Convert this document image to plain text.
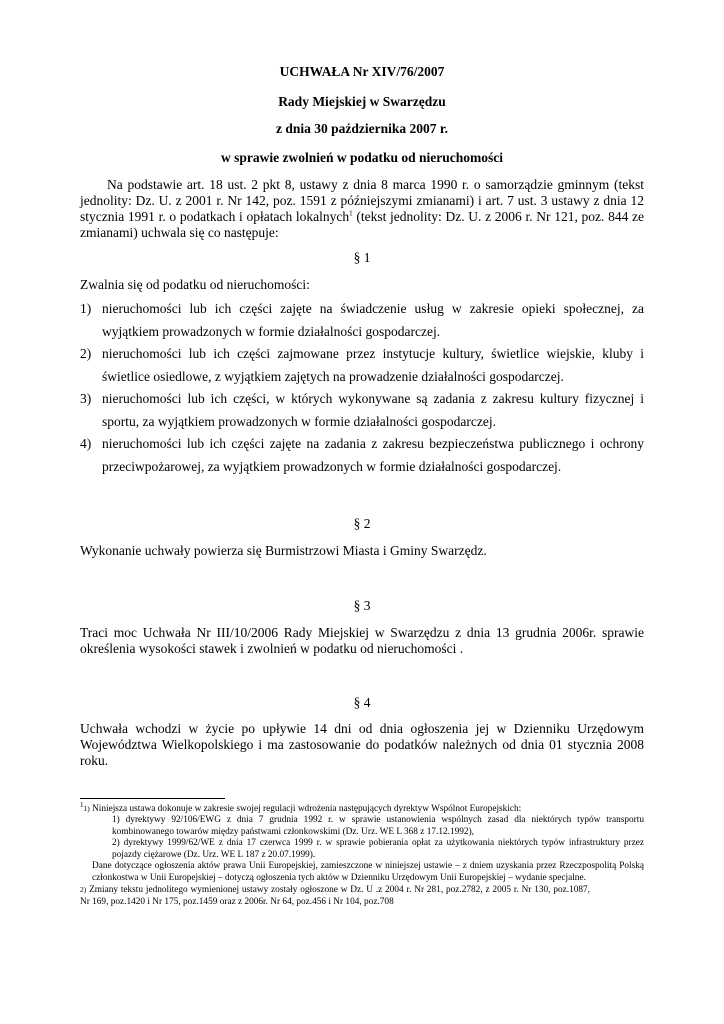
UCHWAŁA Nr XIV/76/2007

Rady Miejskiej w Swarzędzu

z dnia 30 października 2007 r.

w sprawie zwolnień w podatku od nieruchomości

Na podstawie art. 18 ust. 2 pkt 8, ustawy z dnia 8 marca 1990 r. o samorządzie gminnym (tekst jednolity: Dz. U. z 2001 r. Nr 142, poz. 1591 z późniejszymi zmianami) i art. 7 ust. 3 ustawy z dnia 12 stycznia 1991 r. o podatkach i opłatach lokalnych$^1$ (tekst jednolity: Dz. U. z 2006 r. Nr 121, poz. 844 ze zmianami) uchwala się co następuje:

§ 1

Zwalnia się od podatku od nieruchomości:

1) nieruchomości lub ich części zajęte na świadczenie usług w zakresie opieki społecznej, za wyjątkiem prowadzonych w formie działalności gospodarczej.
2) nieruchomości lub ich części zajmowane przez instytucje kultury, świetlice wiejskie, kluby i świetlice osiedlowe, z wyjątkiem zajętych na prowadzenie działalności gospodarczej.
3) nieruchomości lub ich części, w których wykonywane są zadania z zakresu kultury fizycznej i sportu, za wyjątkiem prowadzonych w formie działalności gospodarczej.
4) nieruchomości lub ich części zajęte na zadania z zakresu bezpieczeństwa publicznego i ochrony przeciwpożarowej, za wyjątkiem prowadzonych w formie działalności gospodarczej.

§ 2

Wykonanie uchwały powierza się Burmistrzowi Miasta i Gminy Swarzędz.

§ 3

Traci moc Uchwała Nr III/10/2006 Rady Miejskiej w Swarzędzu z dnia 13 grudnia 2006r. sprawie określenia wysokości stawek i zwolnień w podatku od nieruchomości .

§ 4

Uchwała wchodzi w życie po upływie 14 dni od dnia ogłoszenia jej w Dzienniku Urzędowym Województwa Wielkopolskiego i ma zastosowanie do podatków należnych od dnia 01 stycznia 2008 roku.

$^1$1) Niniejsza ustawa dokonuje w zakresie swojej regulacji wdrożenia następujących dyrektyw Wspólnot Europejskich:

1) dyrektywy 92/106/EWG z dnia 7 grudnia 1992 r. w sprawie ustanowienia wspólnych zasad dla niektórych typów transportu kombinowanego towarów między państwami członkowskimi (Dz. Urz. WE L 368 z 17.12.1992),

2) dyrektywy 1999/62/WE z dnia 17 czerwca 1999 r. w sprawie pobierania opłat za użytkowania niektórych typów infrastruktury przez pojazdy ciężarowe (Dz. Urz. WE L 187 z 20.07.1999).

Dane dotyczące ogłoszenia aktów prawa Unii Europejskiej, zamieszczone w niniejszej ustawie – z dniem uzyskania przez Rzeczpospolitą Polską członkostwa w Unii Europejskiej – dotyczą ogłoszenia tych aktów w Dzienniku Urzędowym Unii Europejskiej – wydanie specjalne.

2) Zmiany tekstu jednolitego wymienionej ustawy zostały ogłoszone w Dz. U .z 2004 r. Nr 281, poz.2782, z 2005 r. Nr 130, poz.1087, Nr 169, poz.1420 i Nr 175, poz.1459 oraz z 2006r. Nr 64, poz.456 i Nr 104, poz.708
